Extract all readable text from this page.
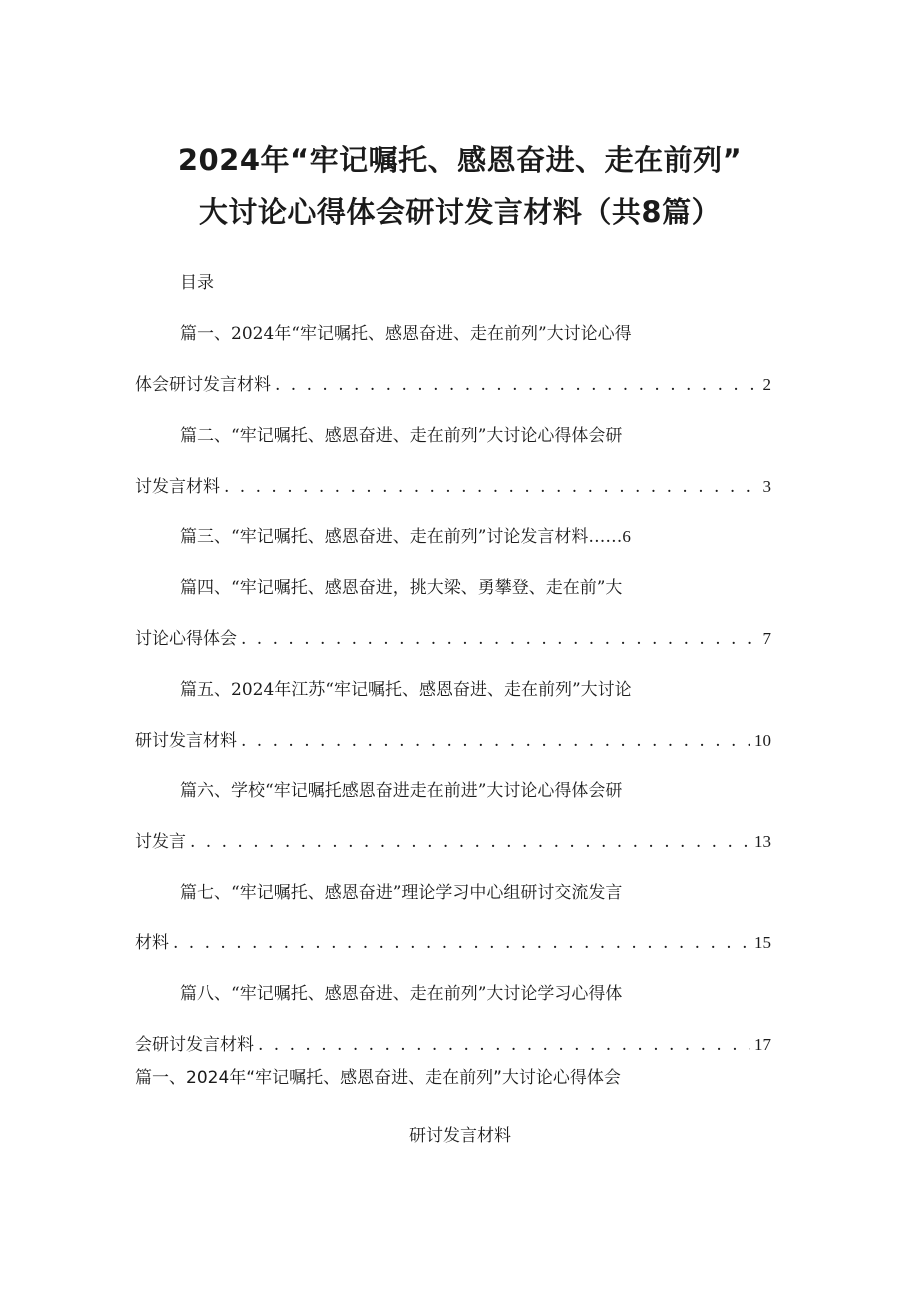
2024年“牢记嘱托、感恩奋进、走在前列”
大讨论心得体会研讨发言材料（共8篇）
目录
篇一、2024年“牢记嘱托、感恩奋进、走在前列”大讨论心得
体会研讨发言材料 . . .	2
篇二、“牢记嘱托、感恩奋进、走在前列”大讨论心得体会研
讨发言材料 . . .	3
篇三、“牢记嘱托、感恩奋进、走在前列”讨论发言材料……6
篇四、“牢记嘱托、感恩奋进，挑大梁、勇攀登、走在前”大
讨论心得体会 . . .	7
篇五、2024年江苏“牢记嘱托、感恩奋进、走在前列”大讨论
研讨发言材料 . . .	10
篇六、学校“牢记嘱托感恩奋进走在前进”大讨论心得体会研
讨发言 . . .	13
篇七、“牢记嘱托、感恩奋进”理论学习中心组研讨交流发言
材料 . . .	15
篇八、“牢记嘱托、感恩奋进、走在前列”大讨论学习心得体
会研讨发言材料 . . .	17
篇一、2024年“牢记嘱托、感恩奋进、走在前列”大讨论心得体会
研讨发言材料
